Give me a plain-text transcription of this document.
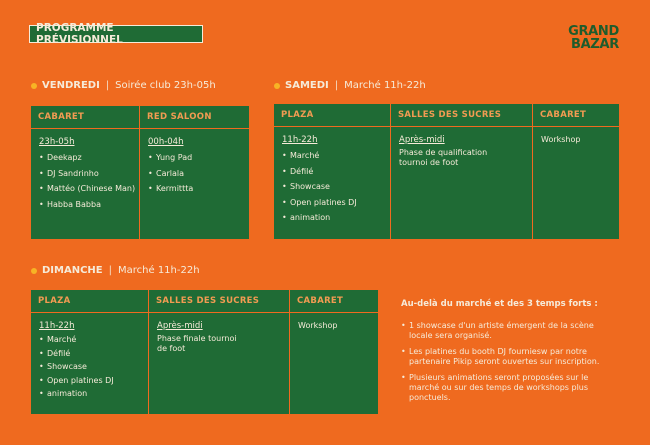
PROGRAMME PRÉVISIONNEL
GRAND
BAZAR
VENDREDI | Soirée club 23h-05h
CABARET
23h-05h
• Deekapz
• DJ Sandrinho
• Mattéo (Chinese Man)
• Habba Babba
RED SALOON
00h-04h
• Yung Pad
• Carlala
• Kermittta
SAMEDI | Marché 11h-22h
PLAZA
11h-22h
• Marché
• Défilé
• Showcase
• Open platines DJ
• animation
SALLES DES SUCRES
Après-midi
Phase de qualification tournoi de foot
CABARET
Workshop
DIMANCHE | Marché 11h-22h
PLAZA
11h-22h
• Marché
• Défilé
• Showcase
• Open platines DJ
• animation
SALLES DES SUCRES
Après-midi
Phase finale tournoi de foot
CABARET
Workshop
Au-delà du marché et des 3 temps forts :
• 1 showcase d'un artiste émergent de la scène locale sera organisé.
• Les platines du booth DJ fourniesw par notre partenaire Pikip seront ouvertes sur inscription.
• Plusieurs animations seront proposées sur le marché ou sur des temps de workshops plus ponctuels.
